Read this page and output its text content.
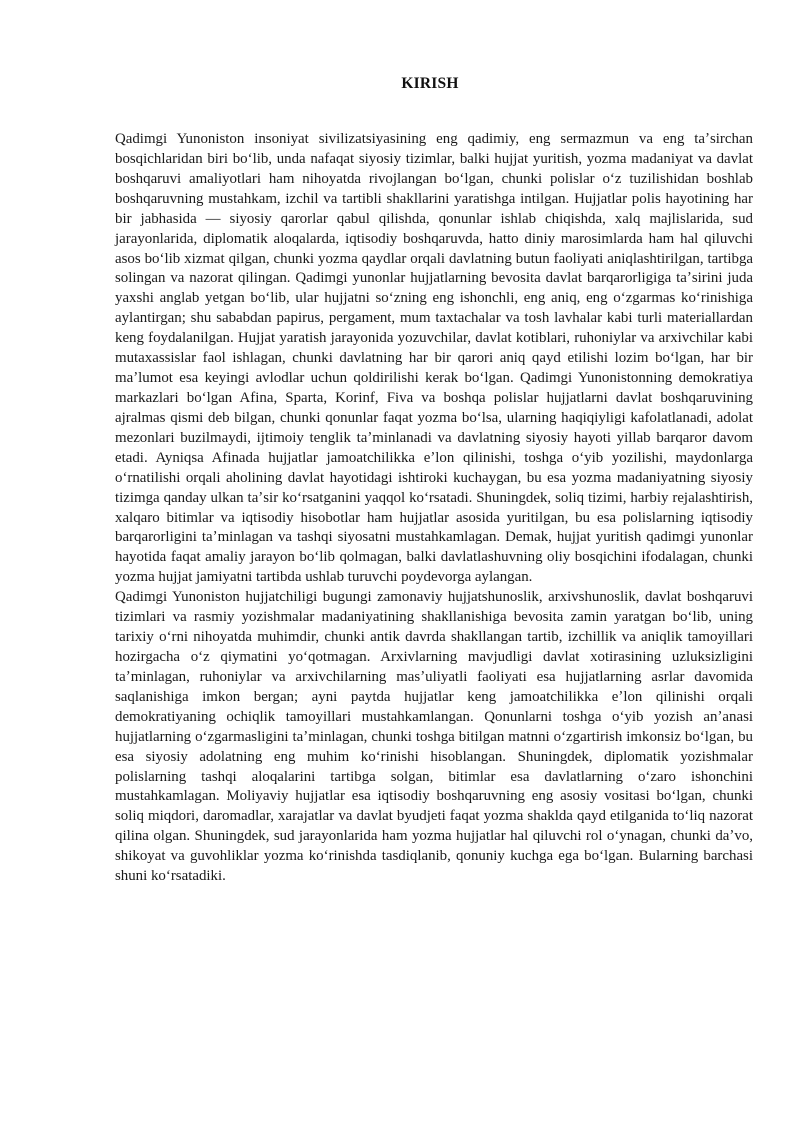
KIRISH

Qadimgi Yunoniston insoniyat sivilizatsiyasining eng qadimiy, eng sermazmun va eng taʼsirchan bosqichlaridan biri boʻlib, unda nafaqat siyosiy tizimlar, balki hujjat yuritish, yozma madaniyat va davlat boshqaruvi amaliyotlari ham nihoyatda rivojlangan boʻlgan, chunki polislar oʻz tuzilishidan boshlab boshqaruvning mustahkam, izchil va tartibli shakllarini yaratishga intilgan. Hujjatlar polis hayotining har bir jabhasida — siyosiy qarorlar qabul qilishda, qonunlar ishlab chiqishda, xalq majlislarida, sud jarayonlarida, diplomatik aloqalarda, iqtisodiy boshqaruvda, hatto diniy marosimlarda ham hal qiluvchi asos boʻlib xizmat qilgan, chunki yozma qaydlar orqali davlatning butun faoliyati aniqlashtirilgan, tartibga solingan va nazorat qilingan. Qadimgi yunonlar hujjatlarning bevosita davlat barqarorligiga taʼsirini juda yaxshi anglab yetgan boʻlib, ular hujjatni soʻzning eng ishonchli, eng aniq, eng oʻzgarmas koʻrinishiga aylantirgan; shu sababdan papirus, pergament, mum taxtachalar va tosh lavhalar kabi turli materiallardan keng foydalanilgan. Hujjat yaratish jarayonida yozuvchilar, davlat kotiblari, ruhoniylar va arxivchilar kabi mutaxassislar faol ishlagan, chunki davlatning har bir qarori aniq qayd etilishi lozim boʻlgan, har bir maʼlumot esa keyingi avlodlar uchun qoldirilishi kerak boʻlgan. Qadimgi Yunonistonning demokratiya markazlari boʻlgan Afina, Sparta, Korinf, Fiva va boshqa polislar hujjatlarni davlat boshqaruvining ajralmas qismi deb bilgan, chunki qonunlar faqat yozma boʻlsa, ularning haqiqiyligi kafolatlanadi, adolat mezonlari buzilmaydi, ijtimoiy tenglik taʼminlanadi va davlatning siyosiy hayoti yillab barqaror davom etadi. Ayniqsa Afinada hujjatlar jamoatchilikka eʼlon qilinishi, toshga oʻyib yozilishi, maydonlarga oʻrnatilishi orqali aholining davlat hayotidagi ishtiroki kuchaygan, bu esa yozma madaniyatning siyosiy tizimga qanday ulkan taʼsir koʻrsatganini yaqqol koʻrsatadi. Shuningdek, soliq tizimi, harbiy rejalashtirish, xalqaro bitimlar va iqtisodiy hisobotlar ham hujjatlar asosida yuritilgan, bu esa polislarning iqtisodiy barqarorligini taʼminlagan va tashqi siyosatni mustahkamlagan. Demak, hujjat yuritish qadimgi yunonlar hayotida faqat amaliy jarayon boʻlib qolmagan, balki davlatlashuvning oliy bosqichini ifodalagan, chunki yozma hujjat jamiyatni tartibda ushlab turuvchi poydevorga aylangan.

Qadimgi Yunoniston hujjatchiligi bugungi zamonaviy hujjatshunoslik, arxivshunoslik, davlat boshqaruvi tizimlari va rasmiy yozishmalar madaniyatining shakllanishiga bevosita zamin yaratgan boʻlib, uning tarixiy oʻrni nihoyatda muhimdir, chunki antik davrda shakllangan tartib, izchillik va aniqlik tamoyillari hozirgacha oʻz qiymatini yoʻqotmagan. Arxivlarning mavjudligi davlat xotirasining uzluksizligini taʼminlagan, ruhoniylar va arxivchilarning masʼuliyatli faoliyati esa hujjatlarning asrlar davomida saqlanishiga imkon bergan; ayni paytda hujjatlar keng jamoatchilikka eʼlon qilinishi orqali demokratiyaning ochiqlik tamoyillari mustahkamlangan. Qonunlarni toshga oʻyib yozish anʼanasi hujjatlarning oʻzgarmasligini taʼminlagan, chunki toshga bitilgan matnni oʻzgartirish imkonsiz boʻlgan, bu esa siyosiy adolatning eng muhim koʻrinishi hisoblangan. Shuningdek, diplomatik yozishmalar polislarning tashqi aloqalarini tartibga solgan, bitimlar esa davlatlarning oʻzaro ishonchini mustahkamlagan. Moliyaviy hujjatlar esa iqtisodiy boshqaruvning eng asosiy vositasi boʻlgan, chunki soliq miqdori, daromadlar, xarajatlar va davlat byudjeti faqat yozma shaklda qayd etilganida toʻliq nazorat qilina olgan. Shuningdek, sud jarayonlarida ham yozma hujjatlar hal qiluvchi rol oʻynagan, chunki daʼvo, shikoyat va guvohliklar yozma koʻrinishda tasdiqlanib, qonuniy kuchga ega boʻlgan. Bularning barchasi shuni koʻrsatadiki.
